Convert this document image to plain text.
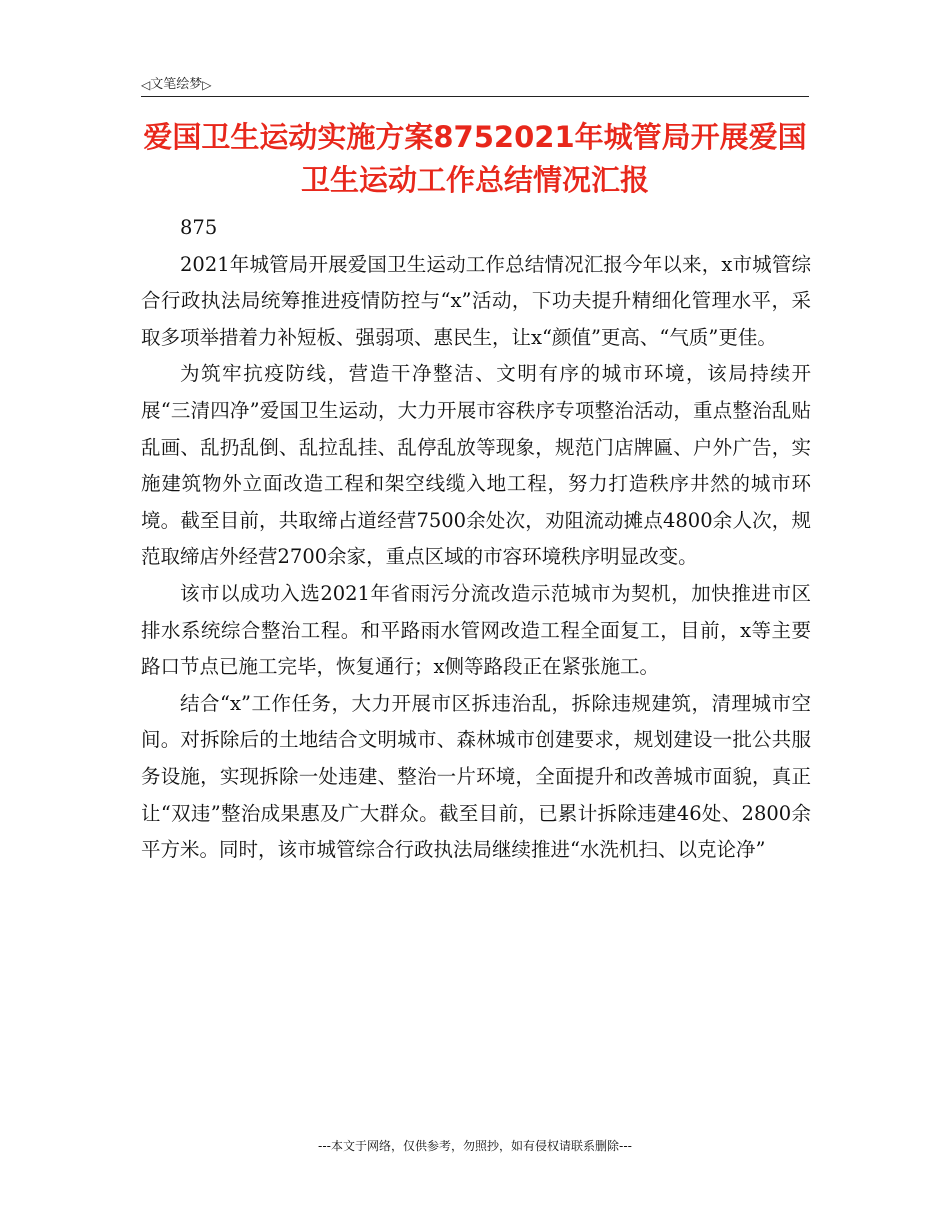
◁ 文笔绘梦 ▷
爱国卫生运动实施方案8752021年城管局开展爱国卫生运动工作总结情况汇报

875

2021年城管局开展爱国卫生运动工作总结情况汇报今年以来，x市城管综合行政执法局统筹推进疫情防控与“x”活动，下功夫提升精细化管理水平，采取多项举措着力补短板、强弱项、惠民生，让x“颜值”更高、“气质”更佳。

为筑牢抗疫防线，营造干净整洁、文明有序的城市环境，该局持续开展“三清四净”爱国卫生运动，大力开展市容秩序专项整治活动，重点整治乱贴乱画、乱扔乱倒、乱拉乱挂、乱停乱放等现象，规范门店牌匾、户外广告，实施建筑物外立面改造工程和架空线缆入地工程，努力打造秩序井然的城市环境。截至目前，共取缔占道经营7500余处次，劝阻流动摊点4800余人次，规范取缔店外经营2700余家，重点区域的市容环境秩序明显改变。

该市以成功入选2021年省雨污分流改造示范城市为契机，加快推进市区排水系统综合整治工程。和平路雨水管网改造工程全面复工，目前，x等主要路口节点已施工完毕，恢复通行；x侧等路段正在紧张施工。

结合“x”工作任务，大力开展市区拆违治乱，拆除违规建筑，清理城市空间。对拆除后的土地结合文明城市、森林城市创建要求，规划建设一批公共服务设施，实现拆除一处违建、整治一片环境，全面提升和改善城市面貌，真正让“双违”整治成果惠及广大群众。截至目前，已累计拆除违建46处、2800余平方米。同时，该市城管综合行政执法局继续推进“水洗机扫、以克论净”

---本文于网络，仅供参考，勿照抄，如有侵权请联系删除---
